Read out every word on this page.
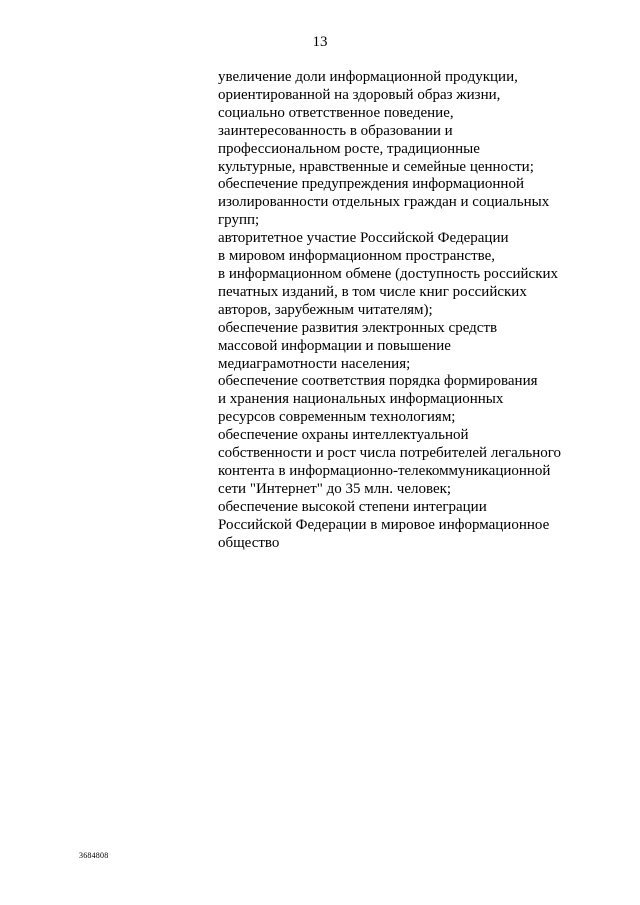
13
увеличение доли информационной продукции,
ориентированной на здоровый образ жизни,
социально ответственное поведение,
заинтересованность в образовании и
профессиональном росте, традиционные
культурные, нравственные и семейные ценности;
обеспечение предупреждения информационной
изолированности отдельных граждан и социальных
групп;
авторитетное участие Российской Федерации
в мировом информационном пространстве,
в информационном обмене (доступность российских
печатных изданий, в том числе книг российских
авторов, зарубежным читателям);
обеспечение развития электронных средств
массовой информации и повышение
медиаграмотности населения;
обеспечение соответствия порядка формирования
и хранения национальных информационных
ресурсов современным технологиям;
обеспечение охраны интеллектуальной
собственности и рост числа потребителей легального
контента в информационно-телекоммуникационной
сети "Интернет" до 35 млн. человек;
обеспечение высокой степени интеграции
Российской Федерации в мировое информационное
общество
3684808
